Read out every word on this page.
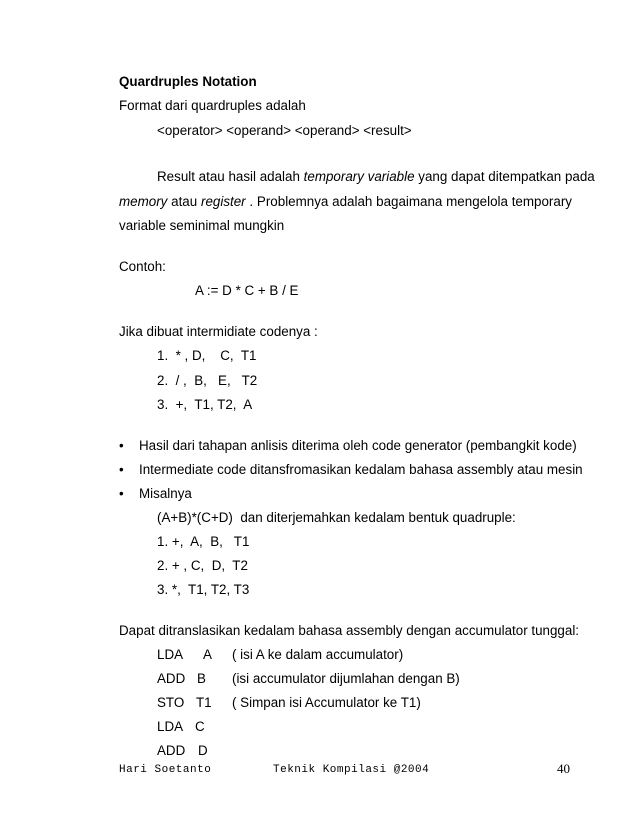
Quardruples Notation
Format dari quardruples adalah
<operator> <operand> <operand> <result>
Result atau hasil adalah temporary variable yang dapat ditempatkan pada
memory atau register . Problemnya adalah bagaimana mengelola temporary
variable seminimal mungkin
Contoh:
A := D * C + B / E
Jika dibuat intermidiate codenya :
1.  * , D,    C,  T1
2.  / ,  B,   E,   T2
3.  +,  T1, T2,  A
• Hasil dari tahapan anlisis diterima oleh code generator (pembangkit kode)
• Intermediate code ditansfromasikan kedalam bahasa assembly atau mesin
• Misalnya
(A+B)*(C+D)  dan diterjemahkan kedalam bentuk quadruple:
1. +,  A,  B,   T1
2. + , C,  D,  T2
3. *,  T1, T2, T3
Dapat ditranslasikan kedalam bahasa assembly dengan accumulator tunggal:
LDA A ( isi A ke dalam accumulator)
ADD B (isi accumulator dijumlahan dengan B)
STO T1 ( Simpan isi Accumulator ke T1)
LDA C
ADD D
Hari Soetanto	Teknik Kompilasi @2004	40
